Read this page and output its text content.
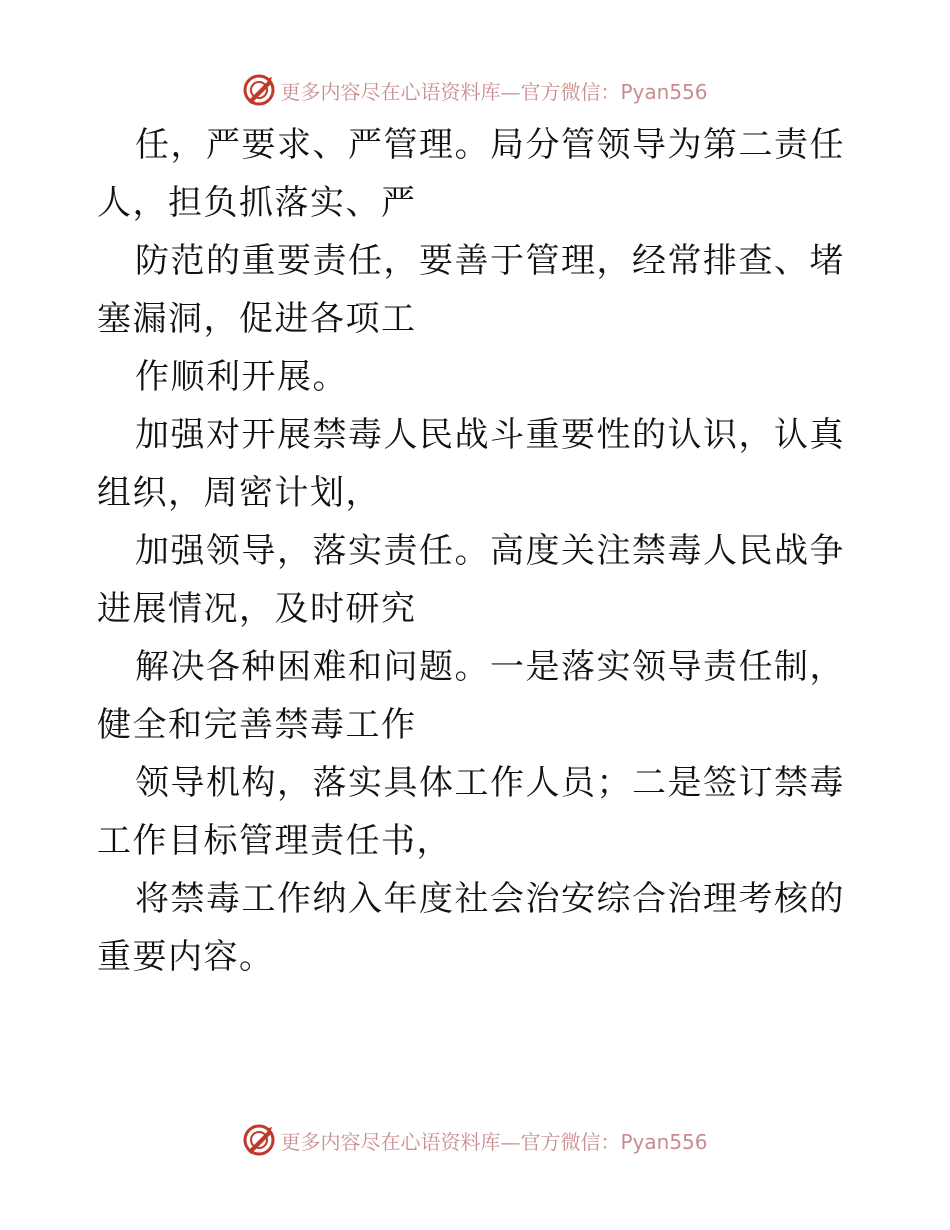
更多内容尽在心语资料库—官方微信：Pyan556

任，严要求、严管理。局分管领导为第二责任人，担负抓落实、严

防范的重要责任，要善于管理，经常排查、堵塞漏洞，促进各项工

作顺利开展。

加强对开展禁毒人民战斗重要性的认识，认真组织，周密计划，

加强领导，落实责任。高度关注禁毒人民战争进展情况，及时研究

解决各种困难和问题。一是落实领导责任制，健全和完善禁毒工作

领导机构，落实具体工作人员；二是签订禁毒工作目标管理责任书，

将禁毒工作纳入年度社会治安综合治理考核的重要内容。

更多内容尽在心语资料库—官方微信：Pyan556
